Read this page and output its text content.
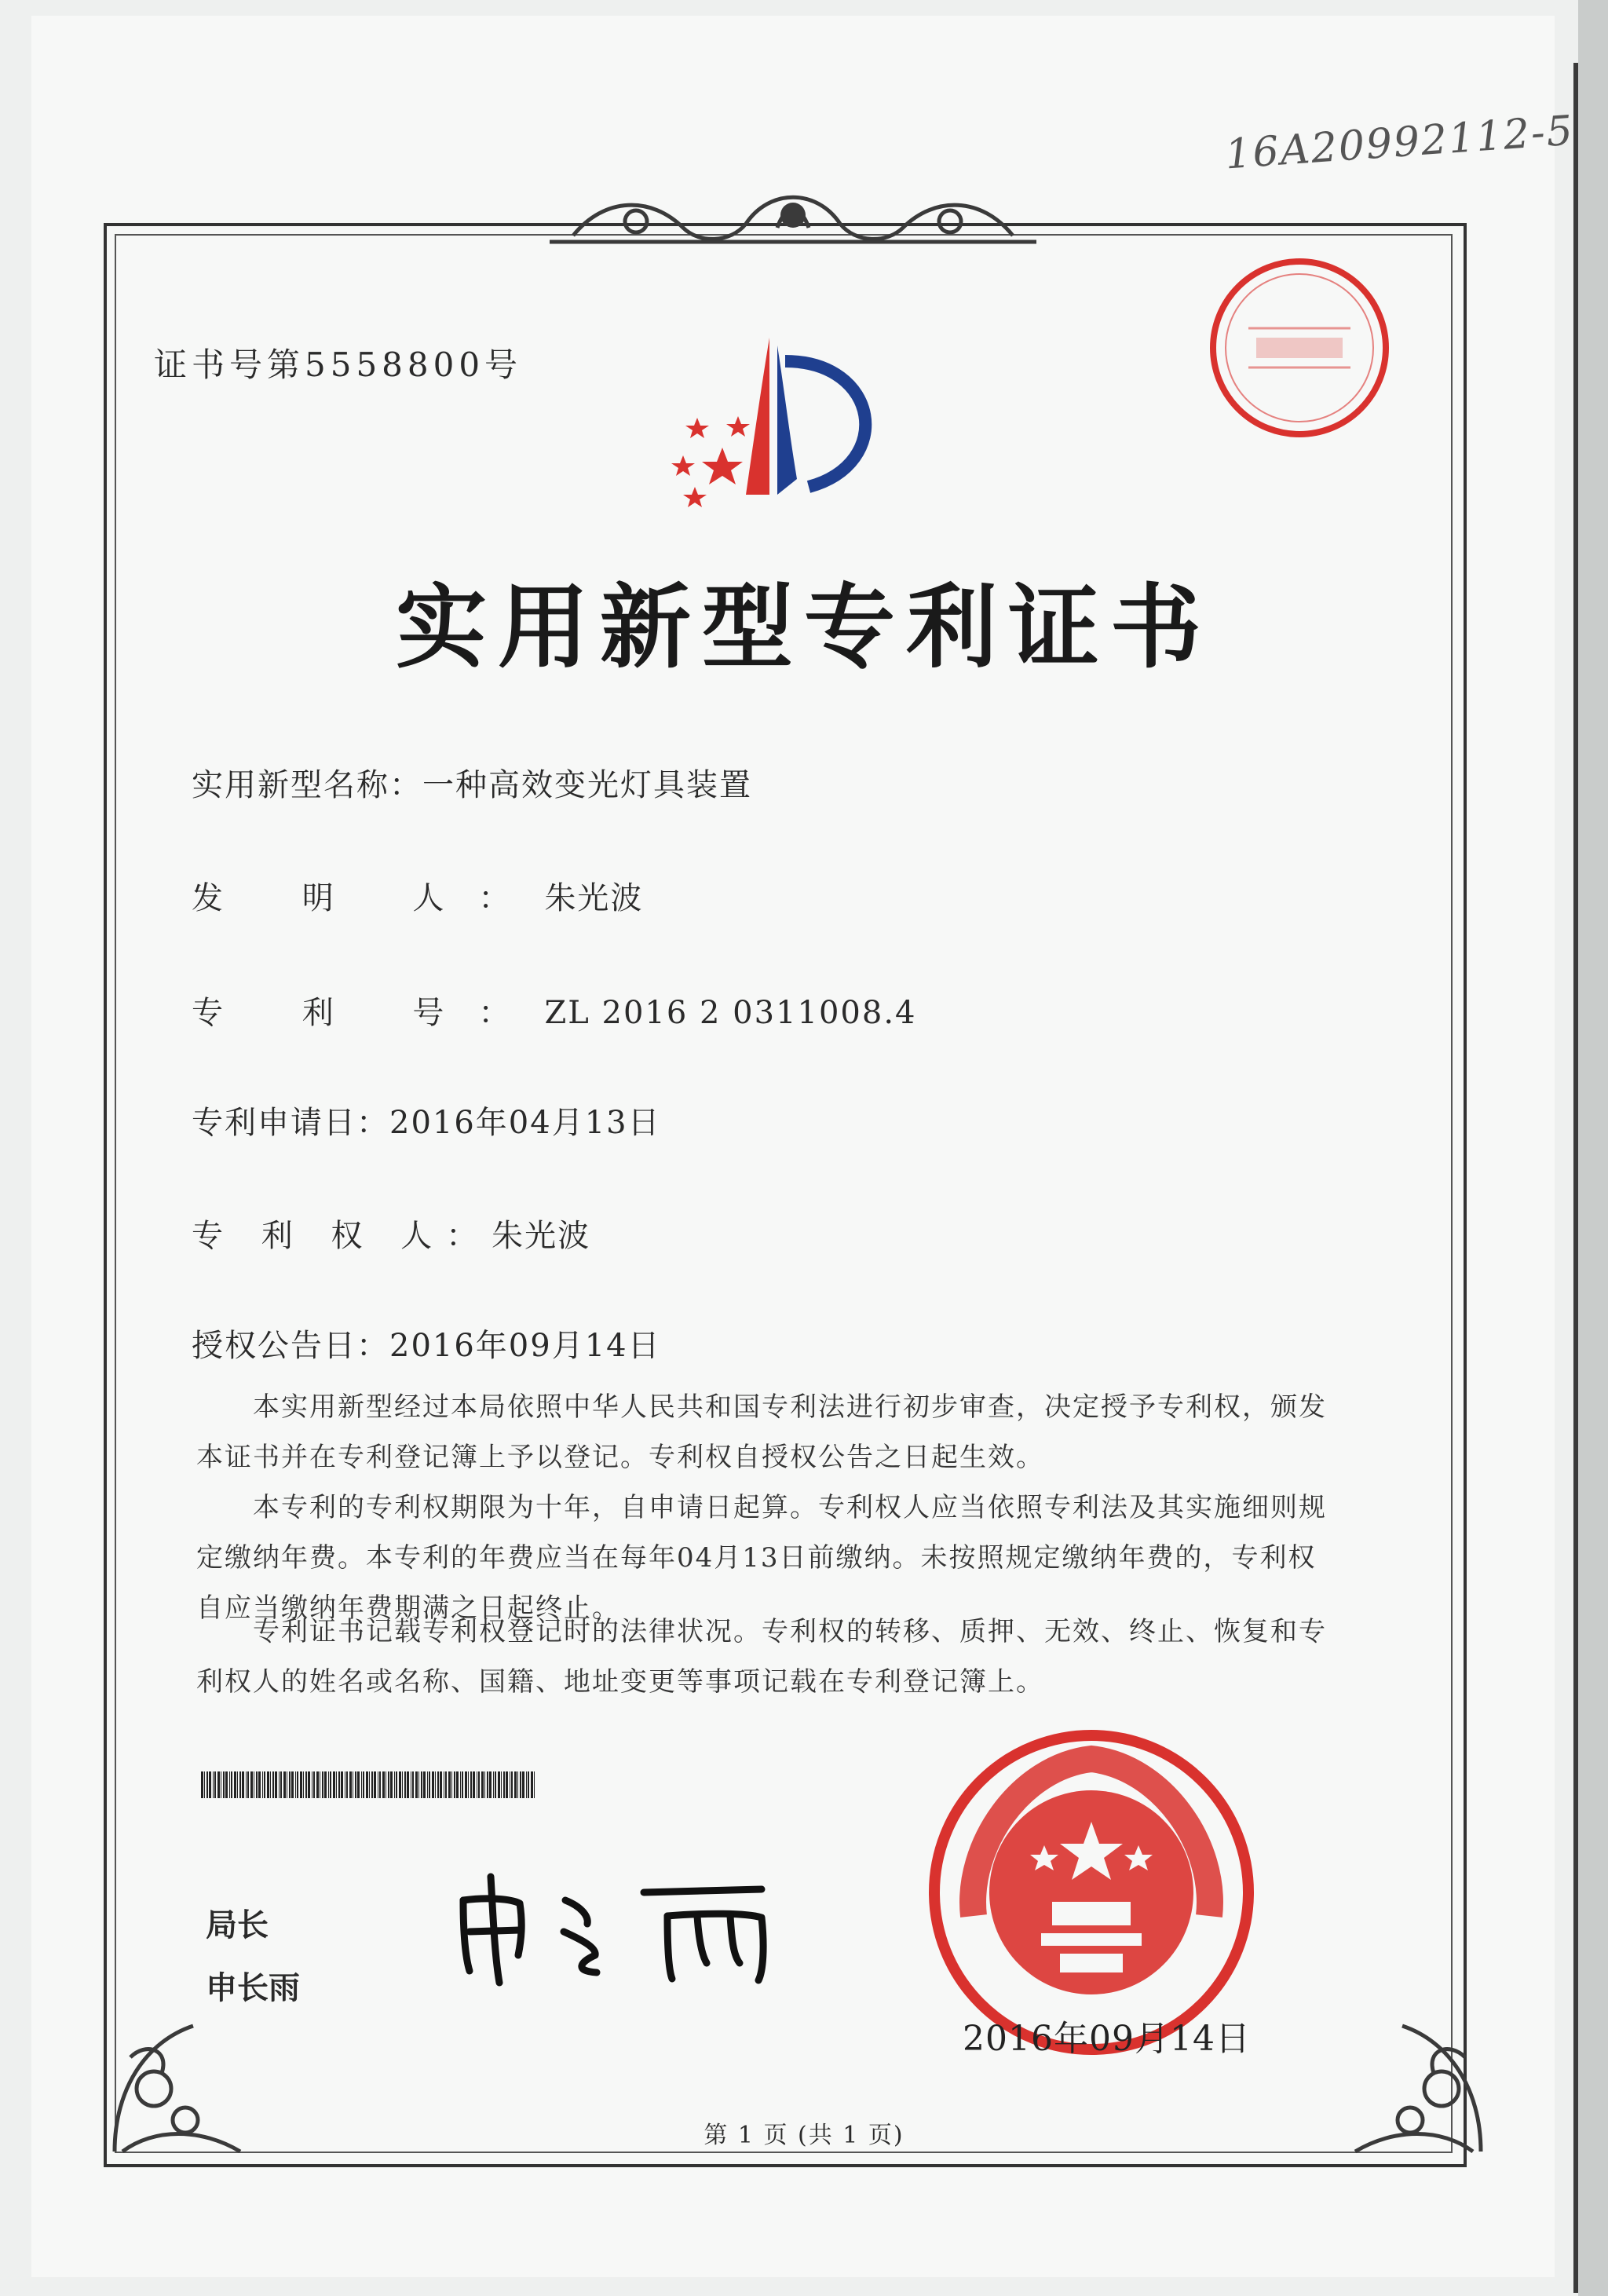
16A20992112-5
证书号第5558800号
实用新型专利证书
实用新型名称：一种高效变光灯具装置
发 明 人：朱光波
专 利 号：ZL 2016 2 0311008.4
专利申请日：2016年04月13日
专 利 权 人：朱光波
授权公告日：2016年09月14日

本实用新型经过本局依照中华人民共和国专利法进行初步审查，决定授予专利权，颁发本证书并在专利登记簿上予以登记。专利权自授权公告之日起生效。

本专利的专利权期限为十年，自申请日起算。专利权人应当依照专利法及其实施细则规定缴纳年费。本专利的年费应当在每年04月13日前缴纳。未按照规定缴纳年费的，专利权自应当缴纳年费期满之日起终止。

专利证书记载专利权登记时的法律状况。专利权的转移、质押、无效、终止、恢复和专利权人的姓名或名称、国籍、地址变更等事项记载在专利登记簿上。

局长
申长雨
2016年09月14日
第 1 页 (共 1 页)
